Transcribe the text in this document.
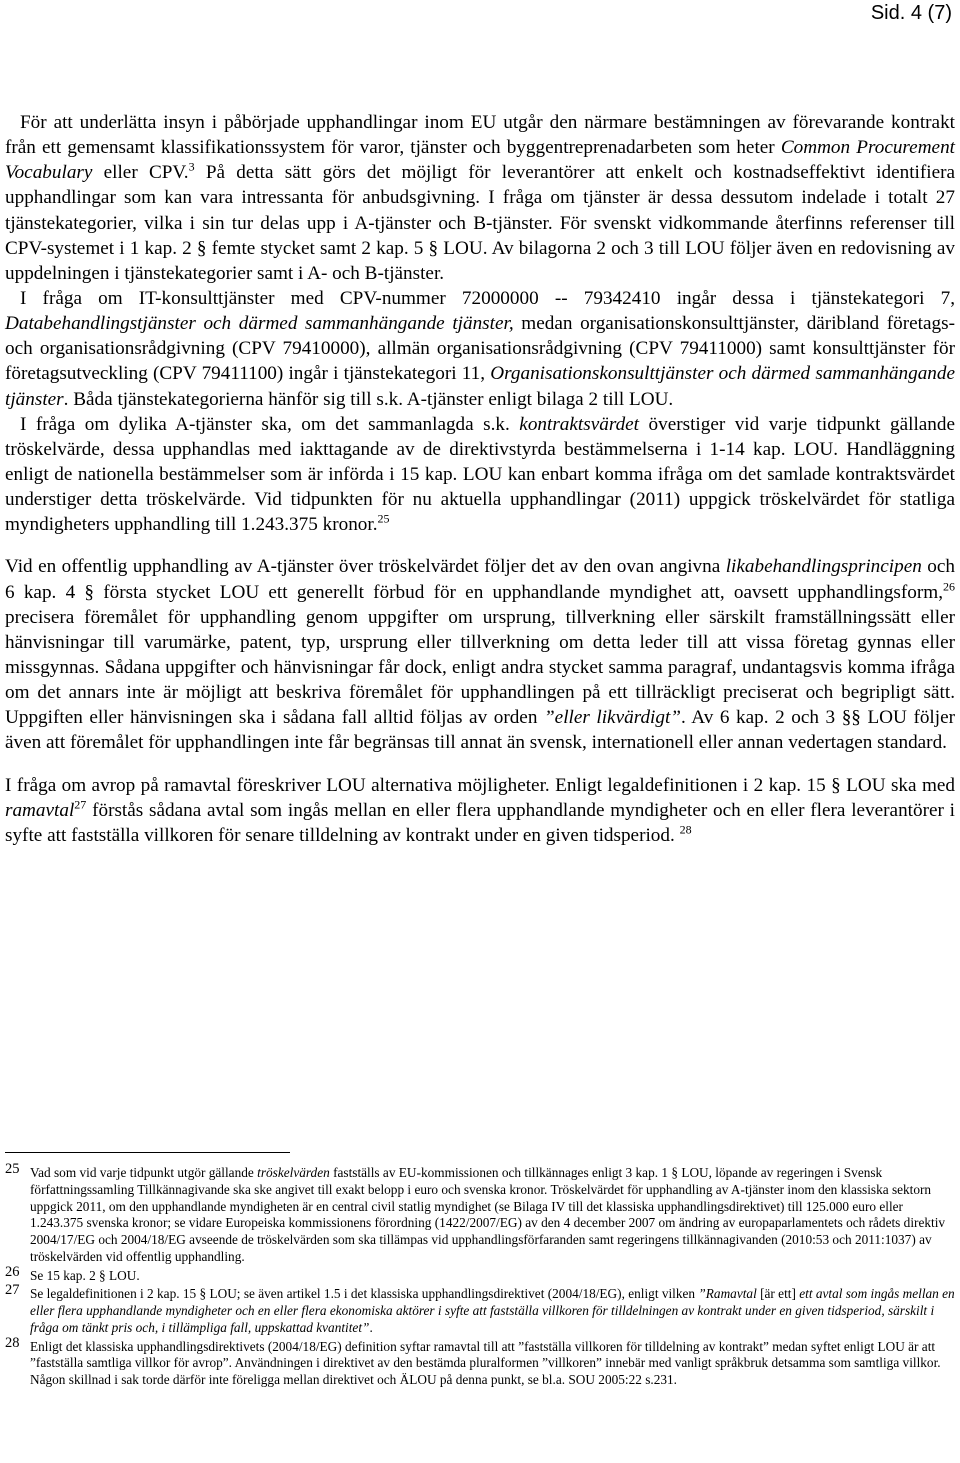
Sid. 4 (7)

För att underlätta insyn i påbörjade upphandlingar inom EU utgår den närmare bestämningen av förevarande kontrakt från ett gemensamt klassifikationssystem för varor, tjänster och byggentreprenadarbeten som heter Common Procurement Vocabulary eller CPV.$^3$ På detta sätt görs det möjligt för leverantörer att enkelt och kostnadseffektivt identifiera upphandlingar som kan vara intressanta för anbudsgivning. I fråga om tjänster är dessa dessutom indelade i totalt 27 tjänstekategorier, vilka i sin tur delas upp i A-tjänster och B-tjänster. För svenskt vidkommande återfinns referenser till CPV-systemet i 1 kap. 2 § femte stycket samt 2 kap. 5 § LOU. Av bilagorna 2 och 3 till LOU följer även en redovisning av uppdelningen i tjänstekategorier samt i A- och B-tjänster.

I fråga om IT-konsulttjänster med CPV-nummer 72000000 -- 79342410 ingår dessa i tjänstekategori 7, Databehandlingstjänster och därmed sammanhängande tjänster, medan organisationskonsulttjänster, däribland företags- och organisationsrådgivning (CPV 79410000), allmän organisationsrådgivning (CPV 79411000) samt konsulttjänster för företagsutveckling (CPV 79411100) ingår i tjänstekategori 11, Organisationskonsulttjänster och därmed sammanhängande tjänster. Båda tjänstekategorierna hänför sig till s.k. A-tjänster enligt bilaga 2 till LOU.

I fråga om dylika A-tjänster ska, om det sammanlagda s.k. kontraktsvärdet överstiger vid varje tidpunkt gällande tröskelvärde, dessa upphandlas med iakttagande av de direktivstyrda bestämmelserna i 1-14 kap. LOU. Handläggning enligt de nationella bestämmelser som är införda i 15 kap. LOU kan enbart komma ifråga om det samlade kontraktsvärdet understiger detta tröskelvärde. Vid tidpunkten för nu aktuella upphandlingar (2011) uppgick tröskelvärdet för statliga myndigheters upphandling till 1.243.375 kronor.$^{25}$

Vid en offentlig upphandling av A-tjänster över tröskelvärdet följer det av den ovan angivna likabehandlingsprincipen och 6 kap. 4 § första stycket LOU ett generellt förbud för en upphandlande myndighet att, oavsett upphandlingsform,$^{26}$ precisera föremålet för upphandling genom uppgifter om ursprung, tillverkning eller särskilt framställningssätt eller hänvisningar till varumärke, patent, typ, ursprung eller tillverkning om detta leder till att vissa företag gynnas eller missgynnas. Sådana uppgifter och hänvisningar får dock, enligt andra stycket samma paragraf, undantagsvis komma ifråga om det annars inte är möjligt att beskriva föremålet för upphandlingen på ett tillräckligt preciserat och begripligt sätt. Uppgiften eller hänvisningen ska i sådana fall alltid följas av orden ”eller likvärdigt”. Av 6 kap. 2 och 3 §§ LOU följer även att föremålet för upphandlingen inte får begränsas till annat än svensk, internationell eller annan vedertagen standard.

I fråga om avrop på ramavtal föreskriver LOU alternativa möjligheter. Enligt legaldefinitionen i 2 kap. 15 § LOU ska med ramavtal$^{27}$ förstås sådana avtal som ingås mellan en eller flera upphandlande myndigheter och en eller flera leverantörer i syfte att fastställa villkoren för senare tilldelning av kontrakt under en given tidsperiod. $^{28}$

25 Vad som vid varje tidpunkt utgör gällande tröskelvärden fastställs av EU-kommissionen och tillkännages enligt 3 kap. 1 § LOU, löpande av regeringen i Svensk författningssamling Tillkännagivande ska ske angivet till exakt belopp i euro och svenska kronor. Tröskelvärdet för upphandling av A-tjänster inom den klassiska sektorn uppgick 2011, om den upphandlande myndigheten är en central civil statlig myndighet (se Bilaga IV till det klassiska upphandlingsdirektivet) till 125.000 euro eller 1.243.375 svenska kronor; se vidare Europeiska kommissionens förordning (1422/2007/EG) av den 4 december 2007 om ändring av europaparlamentets och rådets direktiv 2004/17/EG och 2004/18/EG avseende de tröskelvärden som ska tillämpas vid upphandlingsförfaranden samt regeringens tillkännagivanden (2010:53 och 2011:1037) av tröskelvärden vid offentlig upphandling.

26 Se 15 kap. 2 § LOU.

27 Se legaldefinitionen i 2 kap. 15 § LOU; se även artikel 1.5 i det klassiska upphandlingsdirektivet (2004/18/EG), enligt vilken ”Ramavtal [är ett] ett avtal som ingås mellan en eller flera upphandlande myndigheter och en eller flera ekonomiska aktörer i syfte att fastställa villkoren för tilldelningen av kontrakt under en given tidsperiod, särskilt i fråga om tänkt pris och, i tillämpliga fall, uppskattad kvantitet”.

28 Enligt det klassiska upphandlingsdirektivets (2004/18/EG) definition syftar ramavtal till att ”fastställa villkoren för tilldelning av kontrakt” medan syftet enligt LOU är att ”fastställa samtliga villkor för avrop”. Användningen i direktivet av den bestämda pluralformen ”villkoren” innebär med vanligt språkbruk detsamma som samtliga villkor. Någon skillnad i sak torde därför inte föreligga mellan direktivet och ÄLOU på denna punkt, se bl.a. SOU 2005:22 s.231.
